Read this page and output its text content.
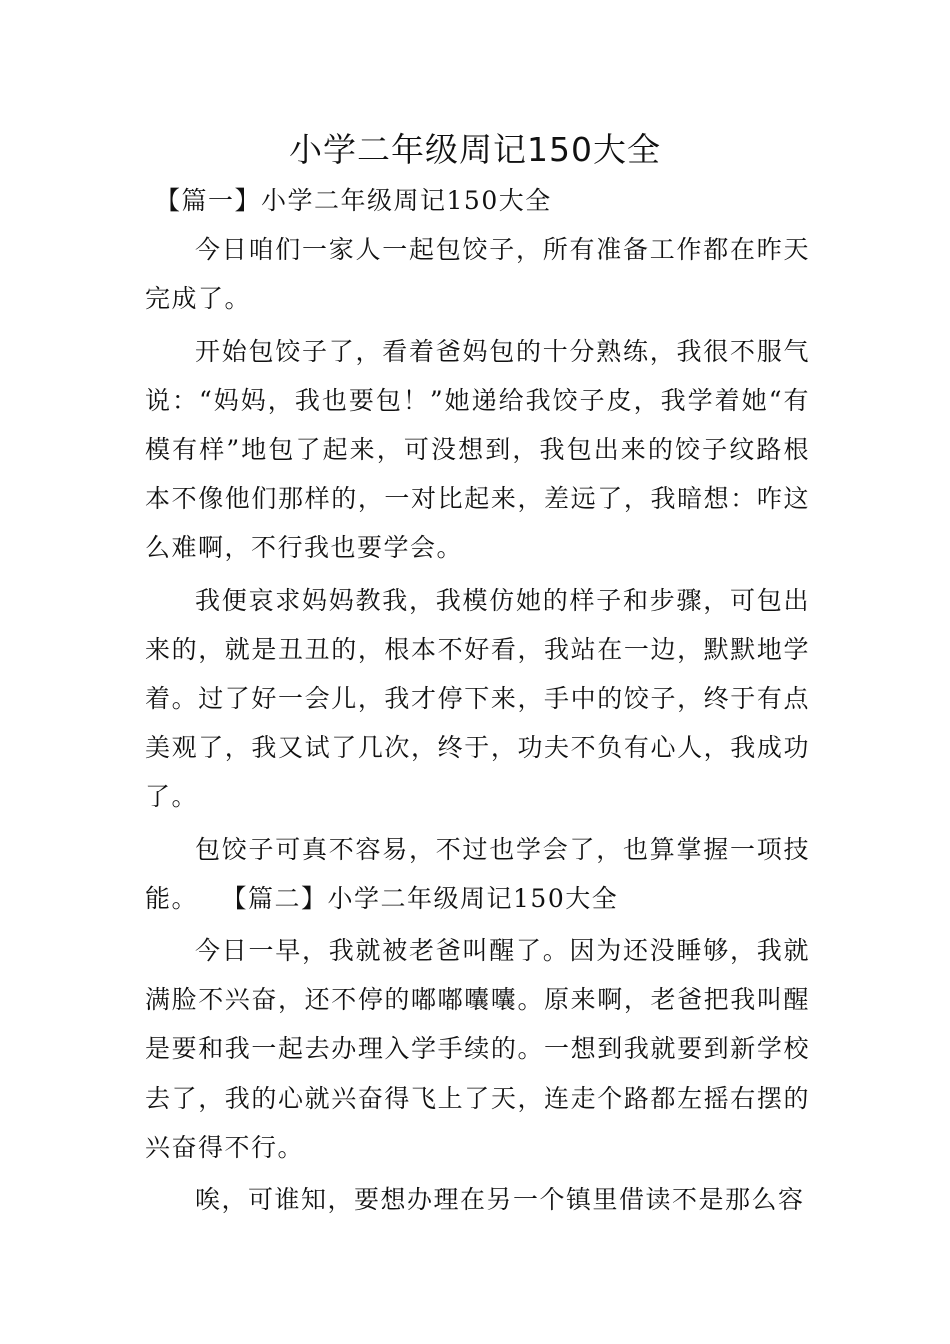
小学二年级周记150大全

【篇一】小学二年级周记150大全

今日咱们一家人一起包饺子，所有准备工作都在昨天完成了。

开始包饺子了，看着爸妈包的十分熟练，我很不服气说：“妈妈，我也要包！”她递给我饺子皮，我学着她“有模有样”地包了起来，可没想到，我包出来的饺子纹路根本不像他们那样的，一对比起来，差远了，我暗想：咋这么难啊，不行我也要学会。

我便哀求妈妈教我，我模仿她的样子和步骤，可包出来的，就是丑丑的，根本不好看，我站在一边，默默地学着。过了好一会儿，我才停下来，手中的饺子，终于有点美观了，我又试了几次，终于，功夫不负有心人，我成功了。

包饺子可真不容易，不过也学会了，也算掌握一项技能。 【篇二】小学二年级周记150大全

今日一早，我就被老爸叫醒了。因为还没睡够，我就满脸不兴奋，还不停的嘟嘟囔囔。原来啊，老爸把我叫醒是要和我一起去办理入学手续的。一想到我就要到新学校去了，我的心就兴奋得飞上了天，连走个路都左摇右摆的兴奋得不行。

唉，可谁知，要想办理在另一个镇里借读不是那么容
